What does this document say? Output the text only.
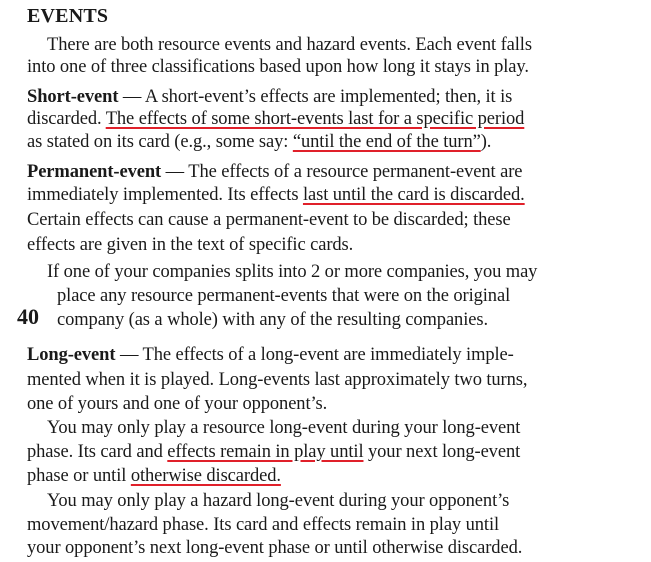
EVENTS
There are both resource events and hazard events. Each event falls
into one of three classifications based upon how long it stays in play.
Short-event — A short-event’s effects are implemented; then, it is
discarded. The effects of some short-events last for a specific period
as stated on its card (e.g., some say: “until the end of the turn”).
Permanent-event — The effects of a resource permanent-event are
immediately implemented. Its effects last until the card is discarded.
Certain effects can cause a permanent-event to be discarded; these
effects are given in the text of specific cards.
If one of your companies splits into 2 or more companies, you may
place any resource permanent-events that were on the original
40 company (as a whole) with any of the resulting companies.
Long-event — The effects of a long-event are immediately imple-
mented when it is played. Long-events last approximately two turns,
one of yours and one of your opponent’s.
You may only play a resource long-event during your long-event
phase. Its card and effects remain in play until your next long-event
phase or until otherwise discarded.
You may only play a hazard long-event during your opponent’s
movement/hazard phase. Its card and effects remain in play until
your opponent’s next long-event phase or until otherwise discarded.
